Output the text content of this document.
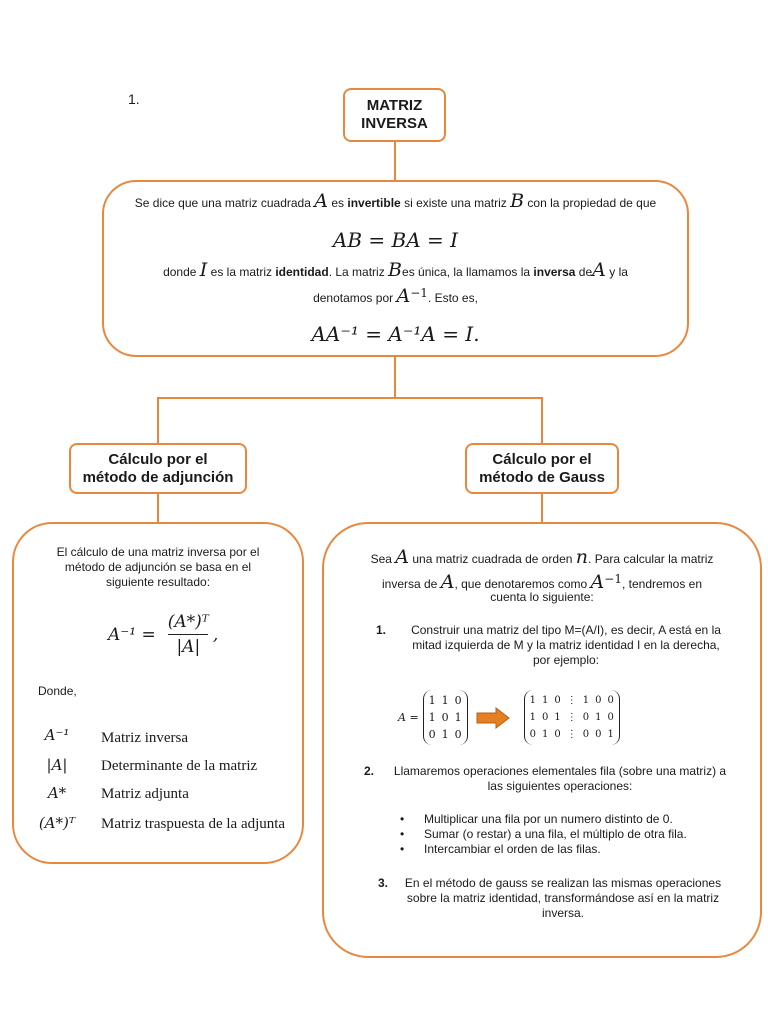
1.	MATRIZ
INVERSA
Se dice que una matriz cuadrada A es invertible si existe una matriz B con la propiedad de que
AB = BA = I
donde I es la matriz identidad. La matriz Bes única, la llamamos la inversa deA y la
denotamos por $A^{-1}$. Esto es,
AA⁻¹ = A⁻¹A = I.
Cálculo por el
método de adjunción
Cálculo por el
método de Gauss
El cálculo de una matriz inversa por el
método de adjunción se basa en el
siguiente resultado:
$A^{-1} = \frac{\text{(A*)ᵀ}}{|A|}$ ,
Donde,
A⁻¹	Matriz inversa
|A|	Determinante de la matriz
A*	Matriz adjunta
(A*)ᵀ	Matriz traspuesta de la adjunta
Sea A una matriz cuadrada de orden n. Para calcular la matriz
inversa de A, que denotaremos como $A^{-1}$, tendremos en
cuenta lo siguiente:
1.	Construir una matriz del tipo M=(A/I), es decir, A está en la
mitad izquierda de M y la matriz identidad I en la derecha,
por ejemplo:
A =
1	1	0
1	0	1
0	1	0
1	1	0	⋮	1	0	0
1	0	1	⋮	0	1	0
0	1	0	⋮	0	0	1
2.	Llamaremos operaciones elementales fila (sobre una matriz) a
las siguientes operaciones:
• Multiplicar una fila por un numero distinto de 0.
• Sumar (o restar) a una fila, el múltiplo de otra fila.
• Intercambiar el orden de las filas.
3.	En el método de gauss se realizan las mismas operaciones
sobre la matriz identidad, transformándose así en la matriz
inversa.
